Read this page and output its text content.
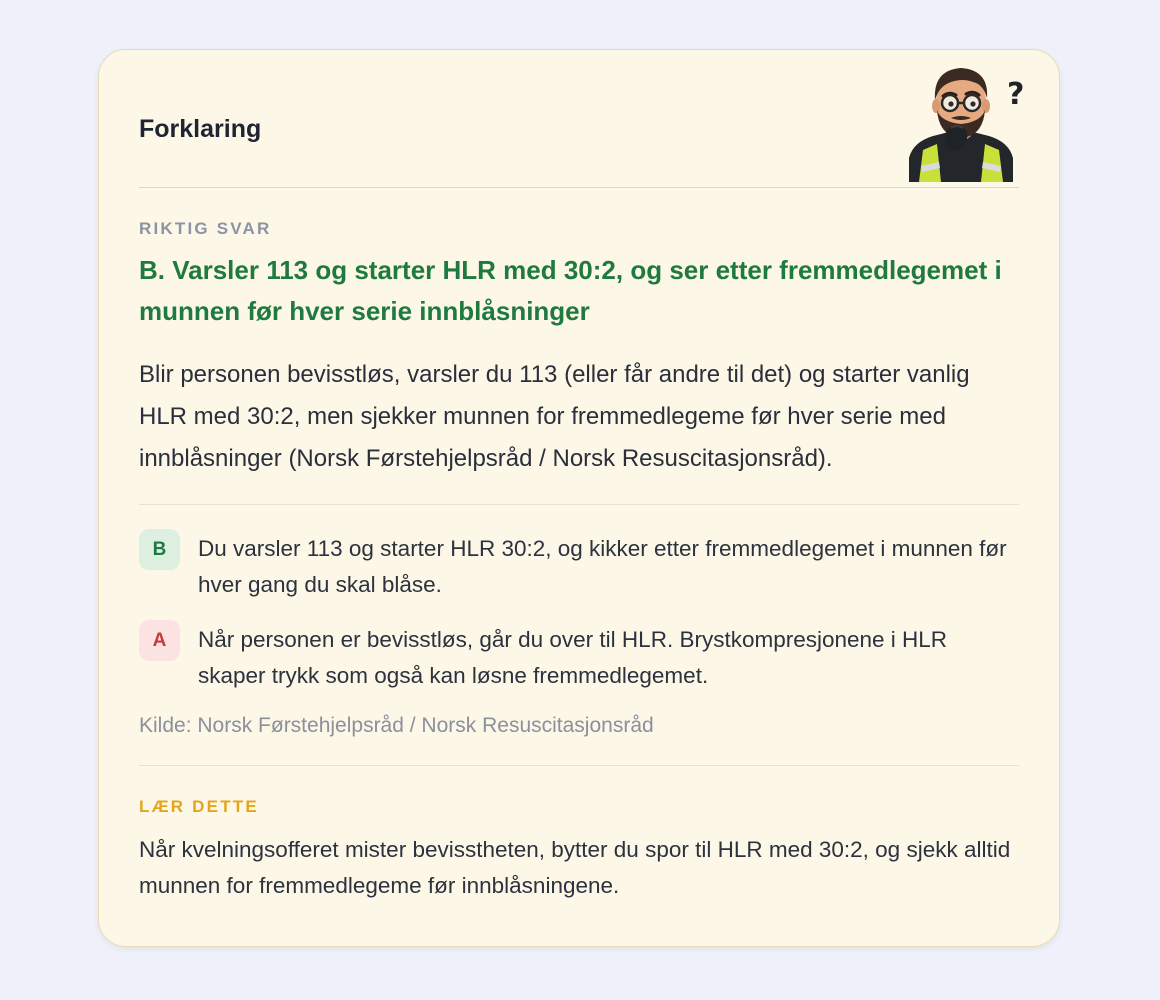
Forklaring
?

RIKTIG SVAR

B. Varsler 113 og starter HLR med 30:2, og ser etter fremmedlegemet i munnen før hver serie innblåsninger

Blir personen bevisstløs, varsler du 113 (eller får andre til det) og starter vanlig HLR med 30:2, men sjekker munnen for fremmedlegeme før hver serie med innblåsninger (Norsk Førstehjelpsråd / Norsk Resuscitasjonsråd).

B	Du varsler 113 og starter HLR 30:2, og kikker etter fremmedlegemet i munnen før hver gang du skal blåse.
A	Når personen er bevisstløs, går du over til HLR. Brystkompresjonene i HLR skaper trykk som også kan løsne fremmedlegemet.

Kilde: Norsk Førstehjelpsråd / Norsk Resuscitasjonsråd

LÆR DETTE

Når kvelningsofferet mister bevisstheten, bytter du spor til HLR med 30:2, og sjekk alltid munnen for fremmedlegeme før innblåsningene.
